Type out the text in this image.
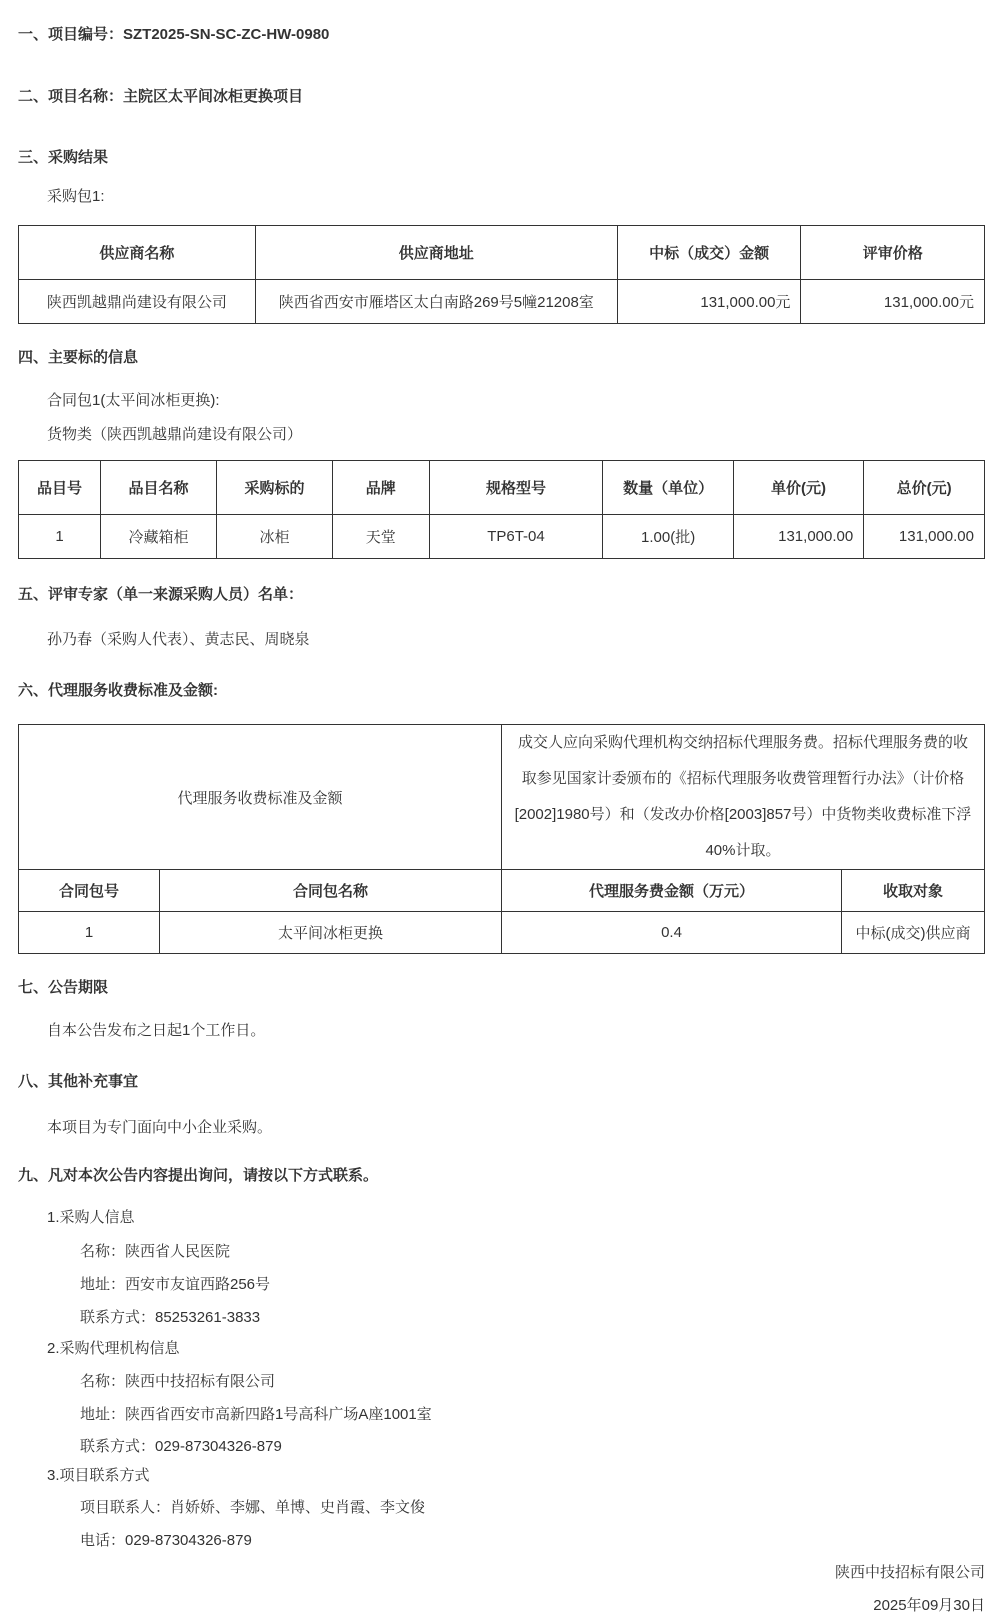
一、项目编号：SZT2025-SN-SC-ZC-HW-0980
二、项目名称：主院区太平间冰柜更换项目
三、采购结果
采购包1:
供应商名称	供应商地址	中标（成交）金额	评审价格
陕西凯越鼎尚建设有限公司	陕西省西安市雁塔区太白南路269号5幢21208室	131,000.00元	131,000.00元
四、主要标的信息
合同包1(太平间冰柜更换):
货物类（陕西凯越鼎尚建设有限公司）
品目号	品目名称	采购标的	品牌	规格型号	数量（单位）	单价(元)	总价(元)
1	冷藏箱柜	冰柜	天堂	TP6T-04	1.00(批)	131,000.00	131,000.00
五、评审专家（单一来源采购人员）名单：
孙乃春（采购人代表）、黄志民、周晓泉
六、代理服务收费标准及金额:
代理服务收费标准及金额		成交人应向采购代理机构交纳招标代理服务费。招标代理服务费的收取参见国家计委颁布的《招标代理服务收费管理暂行办法》（计价格[2002]1980号）和（发改办价格[2003]857号）中货物类收费标准下浮40%计取。	
合同包号	合同包名称	代理服务费金额（万元）	收取对象
1	太平间冰柜更换	0.4	中标(成交)供应商
七、公告期限
自本公告发布之日起1个工作日。
八、其他补充事宜
本项目为专门面向中小企业采购。
九、凡对本次公告内容提出询问，请按以下方式联系。
1.采购人信息
名称：陕西省人民医院
地址：西安市友谊西路256号
联系方式：85253261-3833
2.采购代理机构信息
名称：陕西中技招标有限公司
地址：陕西省西安市高新四路1号高科广场A座1001室
联系方式：029-87304326-879
3.项目联系方式
项目联系人：肖娇娇、李娜、单博、史肖霞、李文俊
电话：029-87304326-879
陕西中技招标有限公司
2025年09月30日
